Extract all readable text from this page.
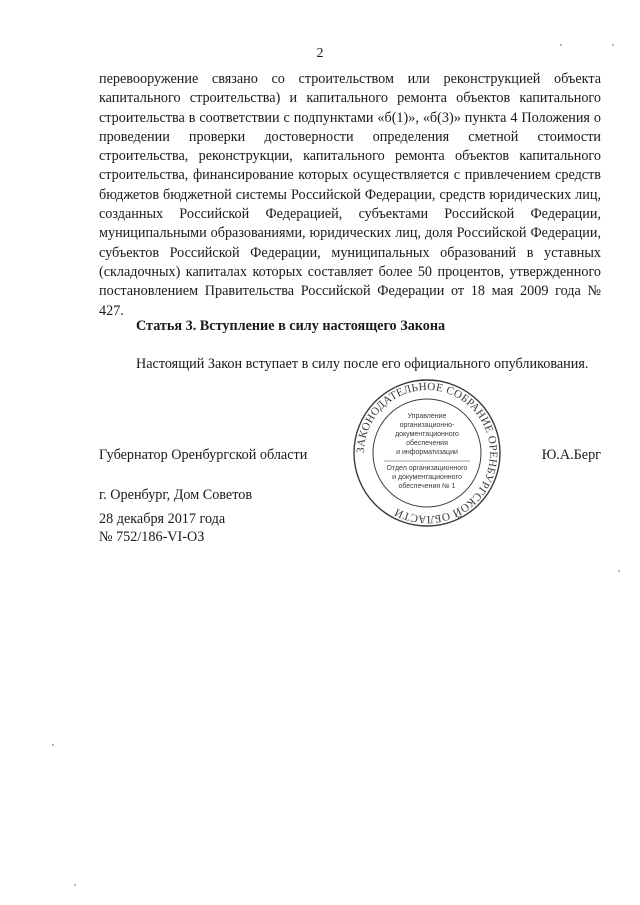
2

перевооружение связано со строительством или реконструкцией объекта капитального строительства) и капитального ремонта объектов капитального строительства в соответствии с подпунктами «б(1)», «б(3)» пункта 4 Положения о проведении проверки достоверности определения сметной стоимости строительства, реконструкции, капитального ремонта объектов капитального строительства, финансирование которых осуществляется с привлечением средств бюджетов бюджетной системы Российской Федерации, средств юридических лиц, созданных Российской Федерацией, субъектами Российской Федерации, муниципальными образованиями, юридических лиц, доля Российской Федерации, субъектов Российской Федерации, муниципальных образований в уставных (складочных) капиталах которых составляет более 50 процентов, утвержденного постановлением Правительства Российской Федерации от 18 мая 2009 года № 427.

Статья 3. Вступление в силу настоящего Закона

Настоящий Закон вступает в силу после его официального опубликования.

Губернатор Оренбургской области	Ю.А.Берг
г. Оренбург, Дом Советов
28 декабря 2017 года
№ 752/186-VI-ОЗ
ЗАКОНОДАТЕЛЬНОЕ СОБРАНИЕ ОРЕНБУРГСКОЙ ОБЛАСТИ
Управление
организационно-
документационного
обеспечения
и информатизации
Отдел организационного
и документационного
обеспечения № 1
